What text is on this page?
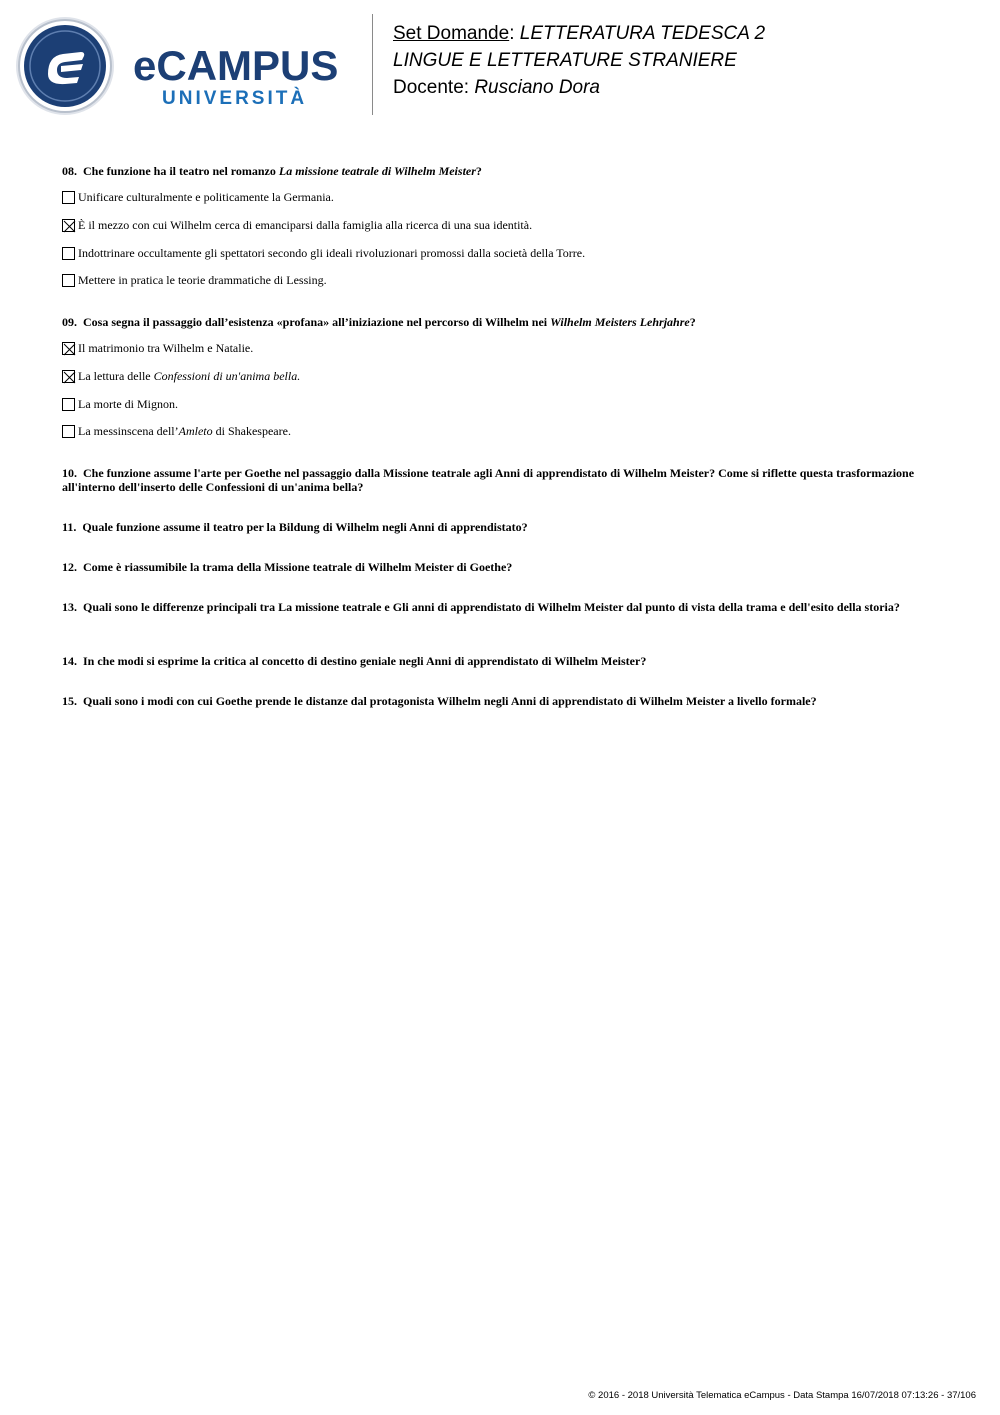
eCAMPUS
UNIVERSITÀ
Set Domande: LETTERATURA TEDESCA 2
LINGUE E LETTERATURE STRANIERE
Docente: Rusciano Dora
08. Che funzione ha il teatro nel romanzo La missione teatrale di Wilhelm Meister?
Unificare culturalmente e politicamente la Germania.
È il mezzo con cui Wilhelm cerca di emanciparsi dalla famiglia alla ricerca di una sua identità.
Indottrinare occultamente gli spettatori secondo gli ideali rivoluzionari promossi dalla società della Torre.
Mettere in pratica le teorie drammatiche di Lessing.
09. Cosa segna il passaggio dall’esistenza «profana» all’iniziazione nel percorso di Wilhelm nei Wilhelm Meisters Lehrjahre?
Il matrimonio tra Wilhelm e Natalie.
La lettura delle Confessioni di un'anima bella.
La morte di Mignon.
La messinscena dell’Amleto di Shakespeare.
10. Che funzione assume l'arte per Goethe nel passaggio dalla Missione teatrale agli Anni di apprendistato di Wilhelm Meister? Come si riflette questa trasformazione all'interno dell'inserto delle Confessioni di un'anima bella?
11. Quale funzione assume il teatro per la Bildung di Wilhelm negli Anni di apprendistato?
12. Come è riassumibile la trama della Missione teatrale di Wilhelm Meister di Goethe?
13. Quali sono le differenze principali tra La missione teatrale e Gli anni di apprendistato di Wilhelm Meister dal punto di vista della trama e dell'esito della storia?
14. In che modi si esprime la critica al concetto di destino geniale negli Anni di apprendistato di Wilhelm Meister?
15. Quali sono i modi con cui Goethe prende le distanze dal protagonista Wilhelm negli Anni di apprendistato di Wilhelm Meister a livello formale?
© 2016 - 2018 Università Telematica eCampus - Data Stampa 16/07/2018 07:13:26 - 37/106
